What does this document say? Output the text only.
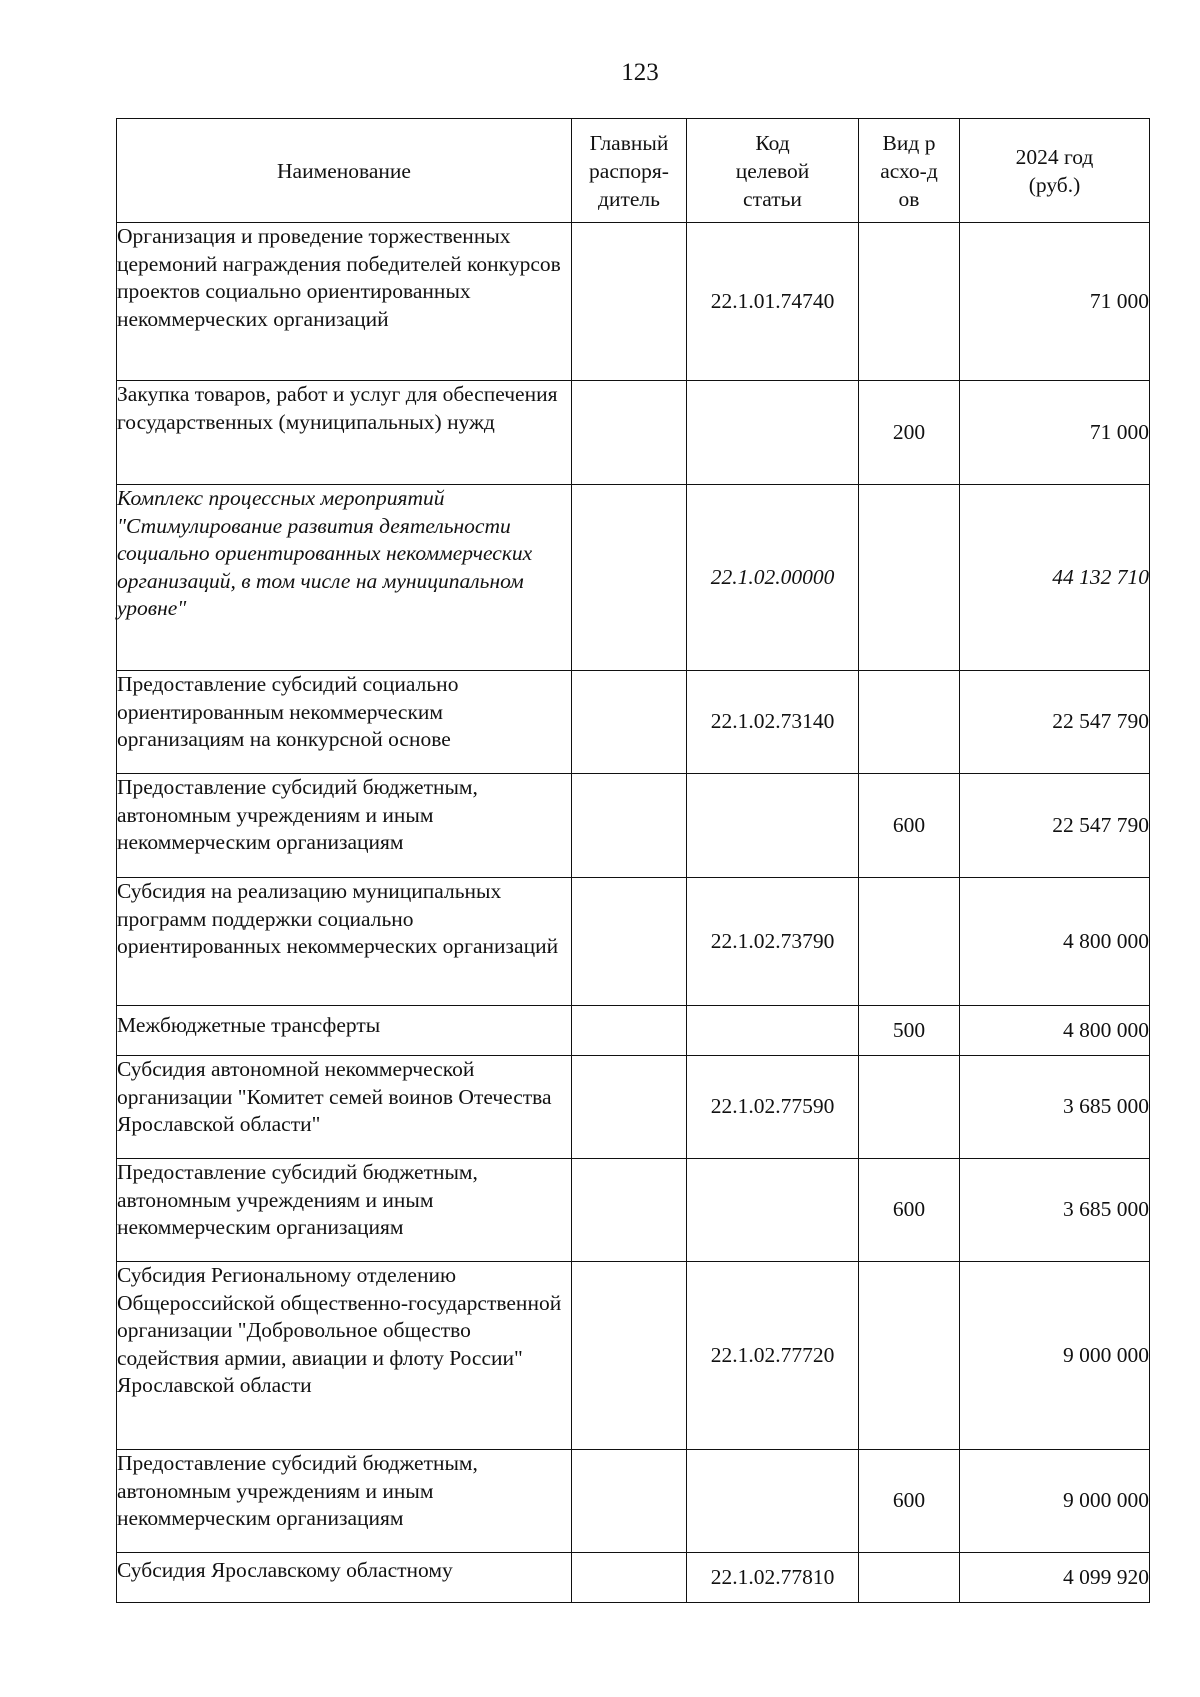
123
Наименование	Главный распоря-дитель	Код целевой статьи	Вид расхо-дов	2024 год (руб.)
Организация и проведение торжественных церемоний награждения победителей конкурсов проектов социально ориентированных некоммерческих организаций		22.1.01.74740		71 000
Закупка товаров, работ и услуг для обеспечения государственных (муниципальных) нужд			200	71 000
Комплекс процессных мероприятий "Стимулирование развития деятельности социально ориентированных некоммерческих организаций, в том числе на муниципальном уровне"		22.1.02.00000		44 132 710
Предоставление субсидий социально ориентированным некоммерческим организациям на конкурсной основе		22.1.02.73140		22 547 790
Предоставление субсидий бюджетным, автономным учреждениям и иным некоммерческим организациям			600	22 547 790
Субсидия на реализацию муниципальных программ поддержки социально ориентированных некоммерческих организаций		22.1.02.73790		4 800 000
Межбюджетные трансферты			500	4 800 000
Субсидия автономной некоммерческой организации "Комитет семей воинов Отечества Ярославской области"		22.1.02.77590		3 685 000
Предоставление субсидий бюджетным, автономным учреждениям и иным некоммерческим организациям			600	3 685 000
Субсидия Региональному отделению Общероссийской общественно-государственной организации "Добровольное общество содействия армии, авиации и флоту России" Ярославской области		22.1.02.77720		9 000 000
Предоставление субсидий бюджетным, автономным учреждениям и иным некоммерческим организациям			600	9 000 000
Субсидия Ярославскому областному		22.1.02.77810		4 099 920
